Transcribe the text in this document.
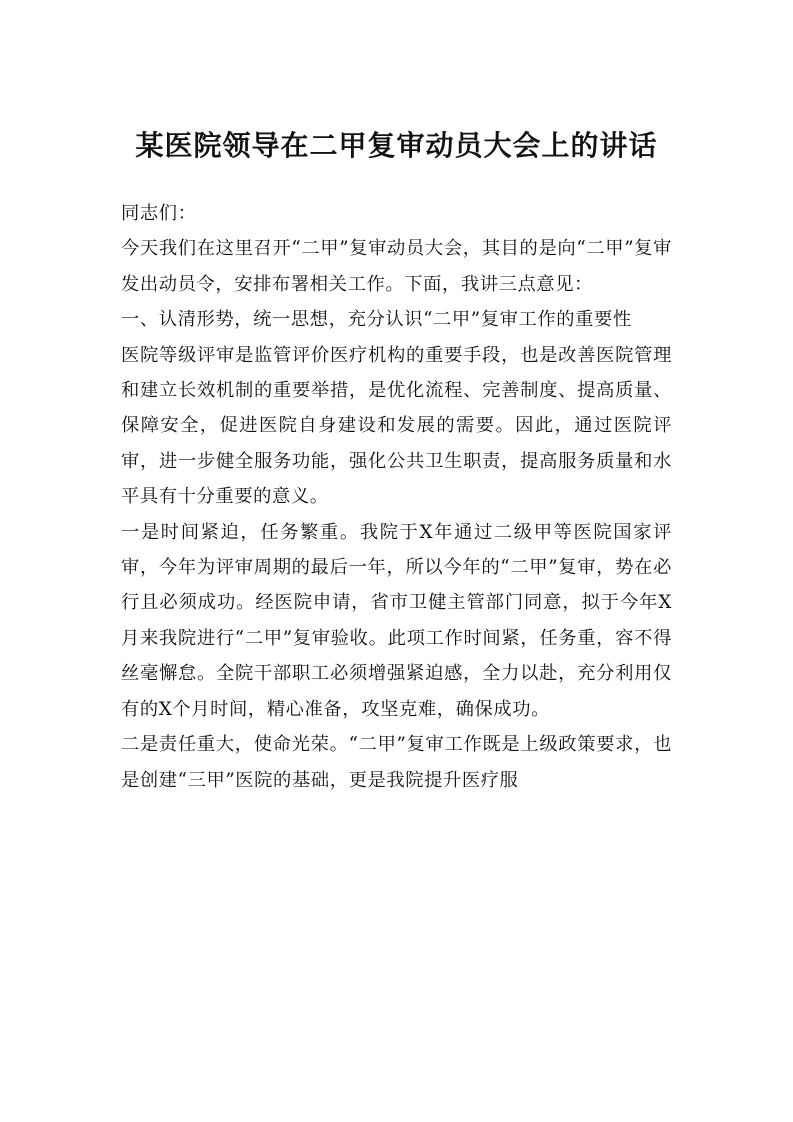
某医院领导在二甲复审动员大会上的讲话

同志们：

今天我们在这里召开“二甲”复审动员大会，其目的是向“二甲”复审发出动员令，安排布署相关工作。下面，我讲三点意见：

一、认清形势，统一思想，充分认识“二甲”复审工作的重要性

医院等级评审是监管评价医疗机构的重要手段，也是改善医院管理和建立长效机制的重要举措，是优化流程、完善制度、提高质量、保障安全，促进医院自身建设和发展的需要。因此，通过医院评审，进一步健全服务功能，强化公共卫生职责，提高服务质量和水平具有十分重要的意义。

一是时间紧迫，任务繁重。我院于X年通过二级甲等医院国家评审，今年为评审周期的最后一年，所以今年的“二甲”复审，势在必行且必须成功。经医院申请，省市卫健主管部门同意，拟于今年X月来我院进行“二甲”复审验收。此项工作时间紧，任务重，容不得丝毫懈怠。全院干部职工必须增强紧迫感，全力以赴，充分利用仅有的X个月时间，精心准备，攻坚克难，确保成功。

二是责任重大，使命光荣。“二甲”复审工作既是上级政策要求，也是创建“三甲”医院的基础，更是我院提升医疗服
